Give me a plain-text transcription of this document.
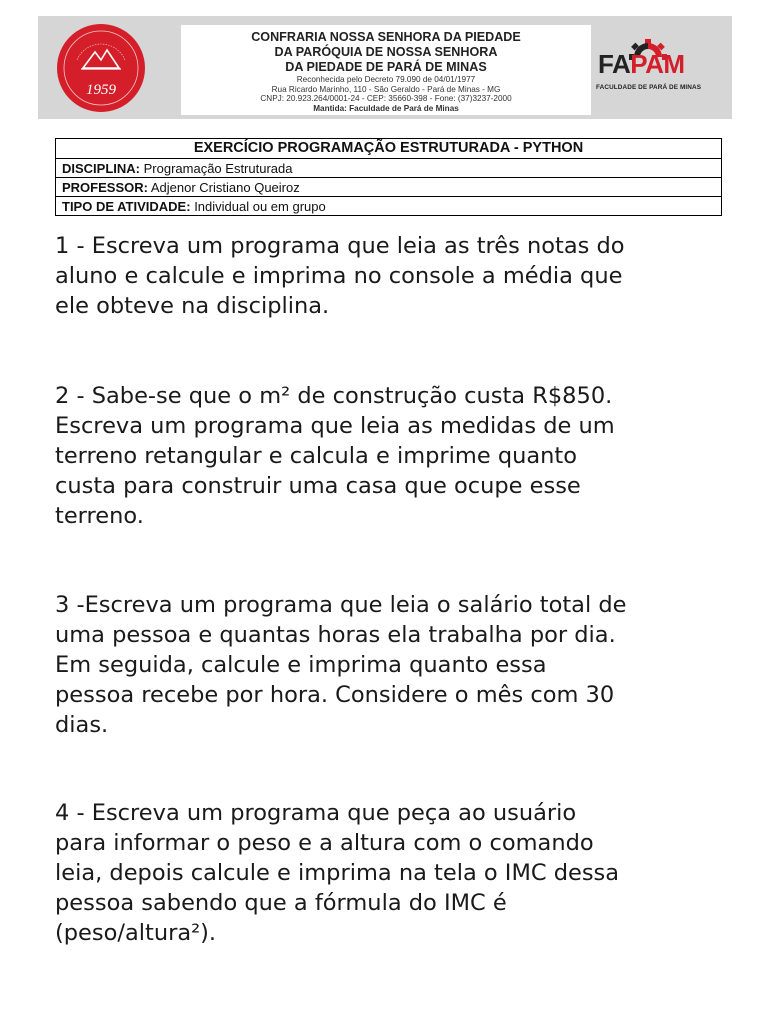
1959
CONFRARIA NOSSA SENHORA DA PIEDADE
DA PARÓQUIA DE NOSSA SENHORA
DA PIEDADE DE PARÁ DE MINAS
Reconhecida pelo Decreto 79.090 de 04/01/1977
Rua Ricardo Marinho, 110 - São Geraldo - Pará de Minas - MG
CNPJ: 20.923.264/0001-24 - CEP: 35660-398 - Fone: (37)3237-2000
Mantida: Faculdade de Pará de Minas
FAPAM
FACULDADE DE PARÁ DE MINAS
EXERCÍCIO PROGRAMAÇÃO ESTRUTURADA - PYTHON
DISCIPLINA: Programação Estruturada
PROFESSOR: Adjenor Cristiano Queiroz
TIPO DE ATIVIDADE: Individual ou em grupo
1 - Escreva um programa que leia as três notas do
aluno e calcule e imprima no console a média que
ele obteve na disciplina.
2 - Sabe-se que o m² de construção custa R$850.
Escreva um programa que leia as medidas de um
terreno retangular e calcula e imprime quanto
custa para construir uma casa que ocupe esse
terreno.
3 -Escreva um programa que leia o salário total de
uma pessoa e quantas horas ela trabalha por dia.
Em seguida, calcule e imprima quanto essa
pessoa recebe por hora. Considere o mês com 30
dias.
4 - Escreva um programa que peça ao usuário
para informar o peso e a altura com o comando
leia, depois calcule e imprima na tela o IMC dessa
pessoa sabendo que a fórmula do IMC é
(peso/altura²).
